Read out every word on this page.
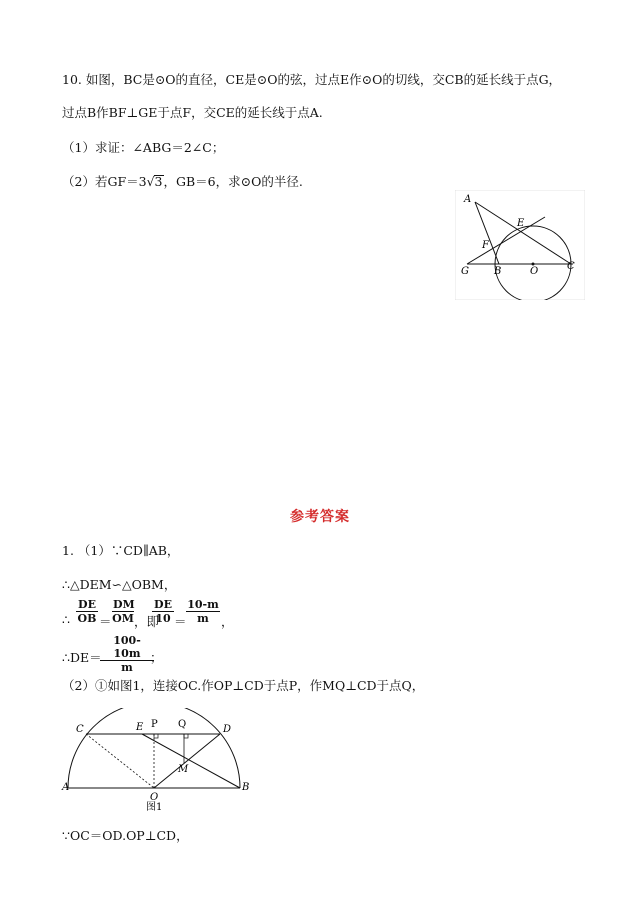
10. 如图，BC是⊙O的直径，CE是⊙O的弦，过点E作⊙O的切线，交CB的延长线于点G，
过点B作BF⊥GE于点F，交CE的延长线于点A.
（1）求证：∠ABG＝2∠C；
（2）若GF＝3√3，GB＝6，求⊙O的半径.
A
E
F
G	B	O	C
参考答案
1. （1）∵CD∥AB，
∴△DEM∽△OBM，
∴ $\frac{DE}{OB} = \frac{DM}{OM}$ ，即
$\frac{DE}{10} = \frac{10-m}{m}$ ，
∴DE＝
$\frac{100-10m}{m}$
；
（2）①如图1，连接OC.作OP⊥CD于点P，作MQ⊥CD于点Q，
C	E P Q	D
M
A
O
B
图1
∵OC＝OD.OP⊥CD，
